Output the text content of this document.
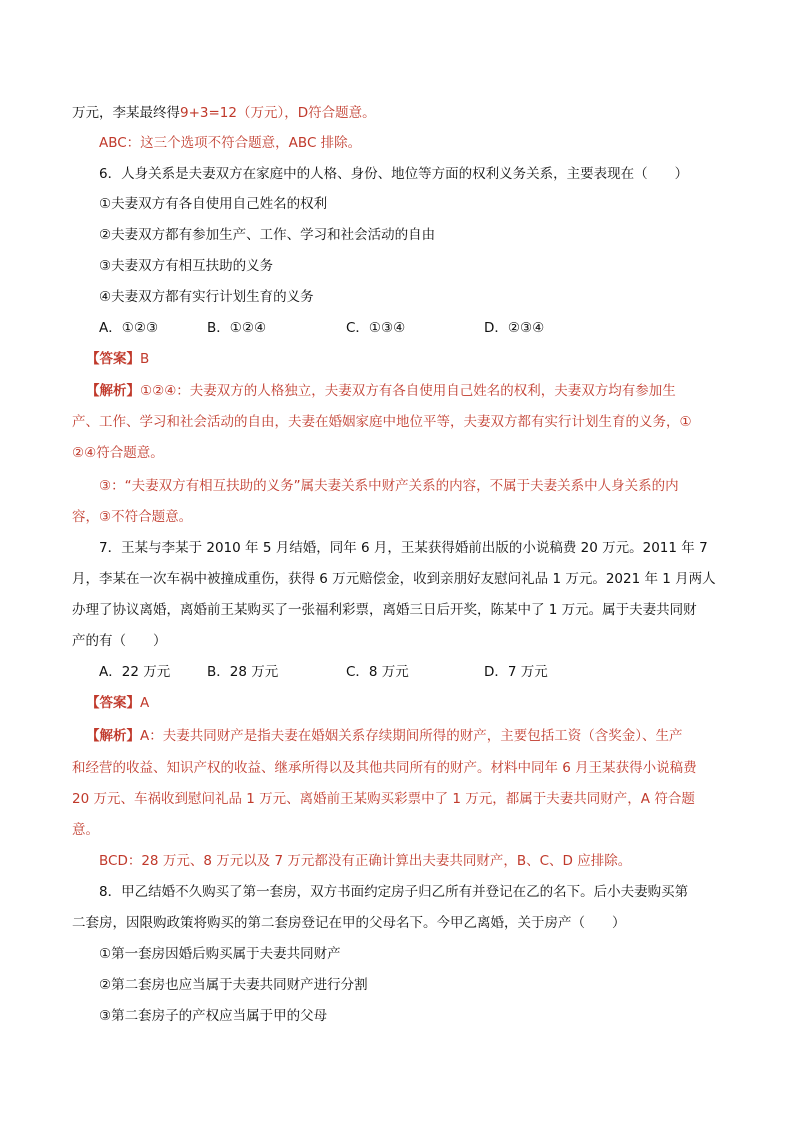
万元，李某最终得9+3=12（万元），D符合题意。
ABC：这三个选项不符合题意，ABC 排除。
6．人身关系是夫妻双方在家庭中的人格、身份、地位等方面的权利义务关系，主要表现在（　　）
①夫妻双方有各自使用自己姓名的权利
②夫妻双方都有参加生产、工作、学习和社会活动的自由
③夫妻双方有相互扶助的义务
④夫妻双方都有实行计划生育的义务
A．①②③	B．①②④	C．①③④	D．②③④
【答案】B
【解析】①②④：夫妻双方的人格独立，夫妻双方有各自使用自己姓名的权利，夫妻双方均有参加生
产、工作、学习和社会活动的自由，夫妻在婚姻家庭中地位平等，夫妻双方都有实行计划生育的义务，①
②④符合题意。
③：“夫妻双方有相互扶助的义务”属夫妻关系中财产关系的内容，不属于夫妻关系中人身关系的内
容，③不符合题意。
7．王某与李某于 2010 年 5 月结婚，同年 6 月，王某获得婚前出版的小说稿费 20 万元。2011 年 7
月，李某在一次车祸中被撞成重伤，获得 6 万元赔偿金，收到亲朋好友慰问礼品 1 万元。2021 年 1 月两人
办理了协议离婚，离婚前王某购买了一张福利彩票，离婚三日后开奖，陈某中了 1 万元。属于夫妻共同财
产的有（　　）
A．22 万元	B．28 万元	C．8 万元	D．7 万元
【答案】A
【解析】A：夫妻共同财产是指夫妻在婚姻关系存续期间所得的财产，主要包括工资（含奖金）、生产
和经营的收益、知识产权的收益、继承所得以及其他共同所有的财产。材料中同年 6 月王某获得小说稿费
20 万元、车祸收到慰问礼品 1 万元、离婚前王某购买彩票中了 1 万元，都属于夫妻共同财产，A 符合题
意。
BCD：28 万元、8 万元以及 7 万元都没有正确计算出夫妻共同财产，B、C、D 应排除。
8．甲乙结婚不久购买了第一套房，双方书面约定房子归乙所有并登记在乙的名下。后小夫妻购买第
二套房，因限购政策将购买的第二套房登记在甲的父母名下。今甲乙离婚，关于房产（　　）
①第一套房因婚后购买属于夫妻共同财产
②第二套房也应当属于夫妻共同财产进行分割
③第二套房子的产权应当属于甲的父母
